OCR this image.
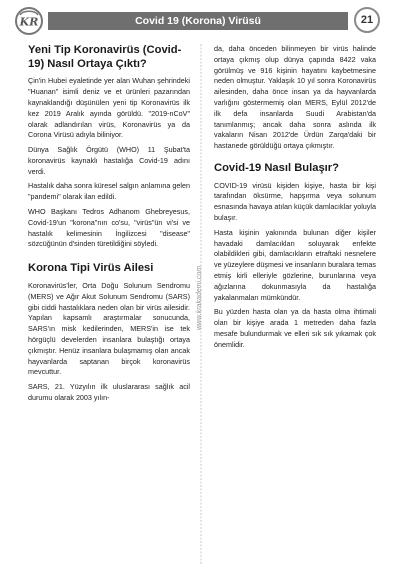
KR	Covid 19 (Korona) Virüsü	21
www.krakademi.com
Yeni Tip Koronavirüs (Covid-19) Nasıl Ortaya Çıktı?

Çin'in Hubei eyaletinde yer alan Wuhan şehrindeki "Huanan" isimli deniz ve et ürünleri pazarından kaynaklandığı düşünülen yeni tip Koronavirüs ilk kez 2019 Aralık ayında görüldü. "2019-nCoV" olarak adlandırılan virüs, Koronavirüs ya da Corona Virüsü adıyla biliniyor.

Dünya Sağlık Örgütü (WHO) 11 Şubat'ta koronavirüs kaynaklı hastalığa Covid-19 adını verdi.

Hastalık daha sonra küresel salgın anlamına gelen "pandemi" olarak ilan edildi.

WHO Başkanı Tedros Adhanom Ghebreyesus, Covid-19'un "korona"nın co'su, "virüs"ün vi'si ve hastalık kelimesinin İngilizcesi "disease" sözcüğünün d'sinden türetildiğini söyledi.

Korona Tipi Virüs Ailesi

Koronavirüs'ler, Orta Doğu Solunum Sendromu (MERS) ve Ağır Akut Solunum Sendromu (SARS) gibi ciddi hastalıklara neden olan bir virüs ailesidir. Yapılan kapsamlı araştırmalar sonucunda, SARS'ın misk kedilerinden, MERS'in ise tek hörgüçlü develerden insanlara bulaştığı ortaya çıkmıştır. Henüz insanlara bulaşmamış olan ancak hayvanlarda saptanan birçok koronavirüs mevcuttur.

SARS, 21. Yüzyılın ilk uluslararası sağlık acil durumu olarak 2003 yılın-

da, daha önceden bilinmeyen bir virüs halinde ortaya çıkmış olup dünya çapında 8422 vaka görülmüş ve 916 kişinin hayatını kaybetmesine neden olmuştur. Yaklaşık 10 yıl sonra Koronavirüs ailesinden, daha önce insan ya da hayvanlarda varlığını göstermemiş olan MERS, Eylül 2012'de ilk defa insanlarda Suudi Arabistan'da tanımlanmış; ancak daha sonra aslında ilk vakaların Nisan 2012'de Ürdün Zarqa'daki bir hastanede görüldüğü ortaya çıkmıştır.

Covid-19 Nasıl Bulaşır?

COVID-19 virüsü kişiden kişiye, hasta bir kişi tarafından öksürme, hapşırma veya solunum esnasında havaya atılan küçük damlacıklar yoluyla bulaşır.

Hasta kişinin yakınında bulunan diğer kişiler havadaki damlacıkları soluyarak enfekte olabildikleri gibi, damlacıkların etraftaki nesnelere ve yüzeylere düşmesi ve insanların buralara temas etmiş kirli elleriyle gözlerine, burunlarına veya ağızlarına dokunmasıyla da hastalığa yakalanmaları mümkündür.

Bu yüzden hasta olan ya da hasta olma ihtimali olan bir kişiye arada 1 metreden daha fazla mesafe bulundurmak ve elleri sık sık yıkamak çok önemlidir.
